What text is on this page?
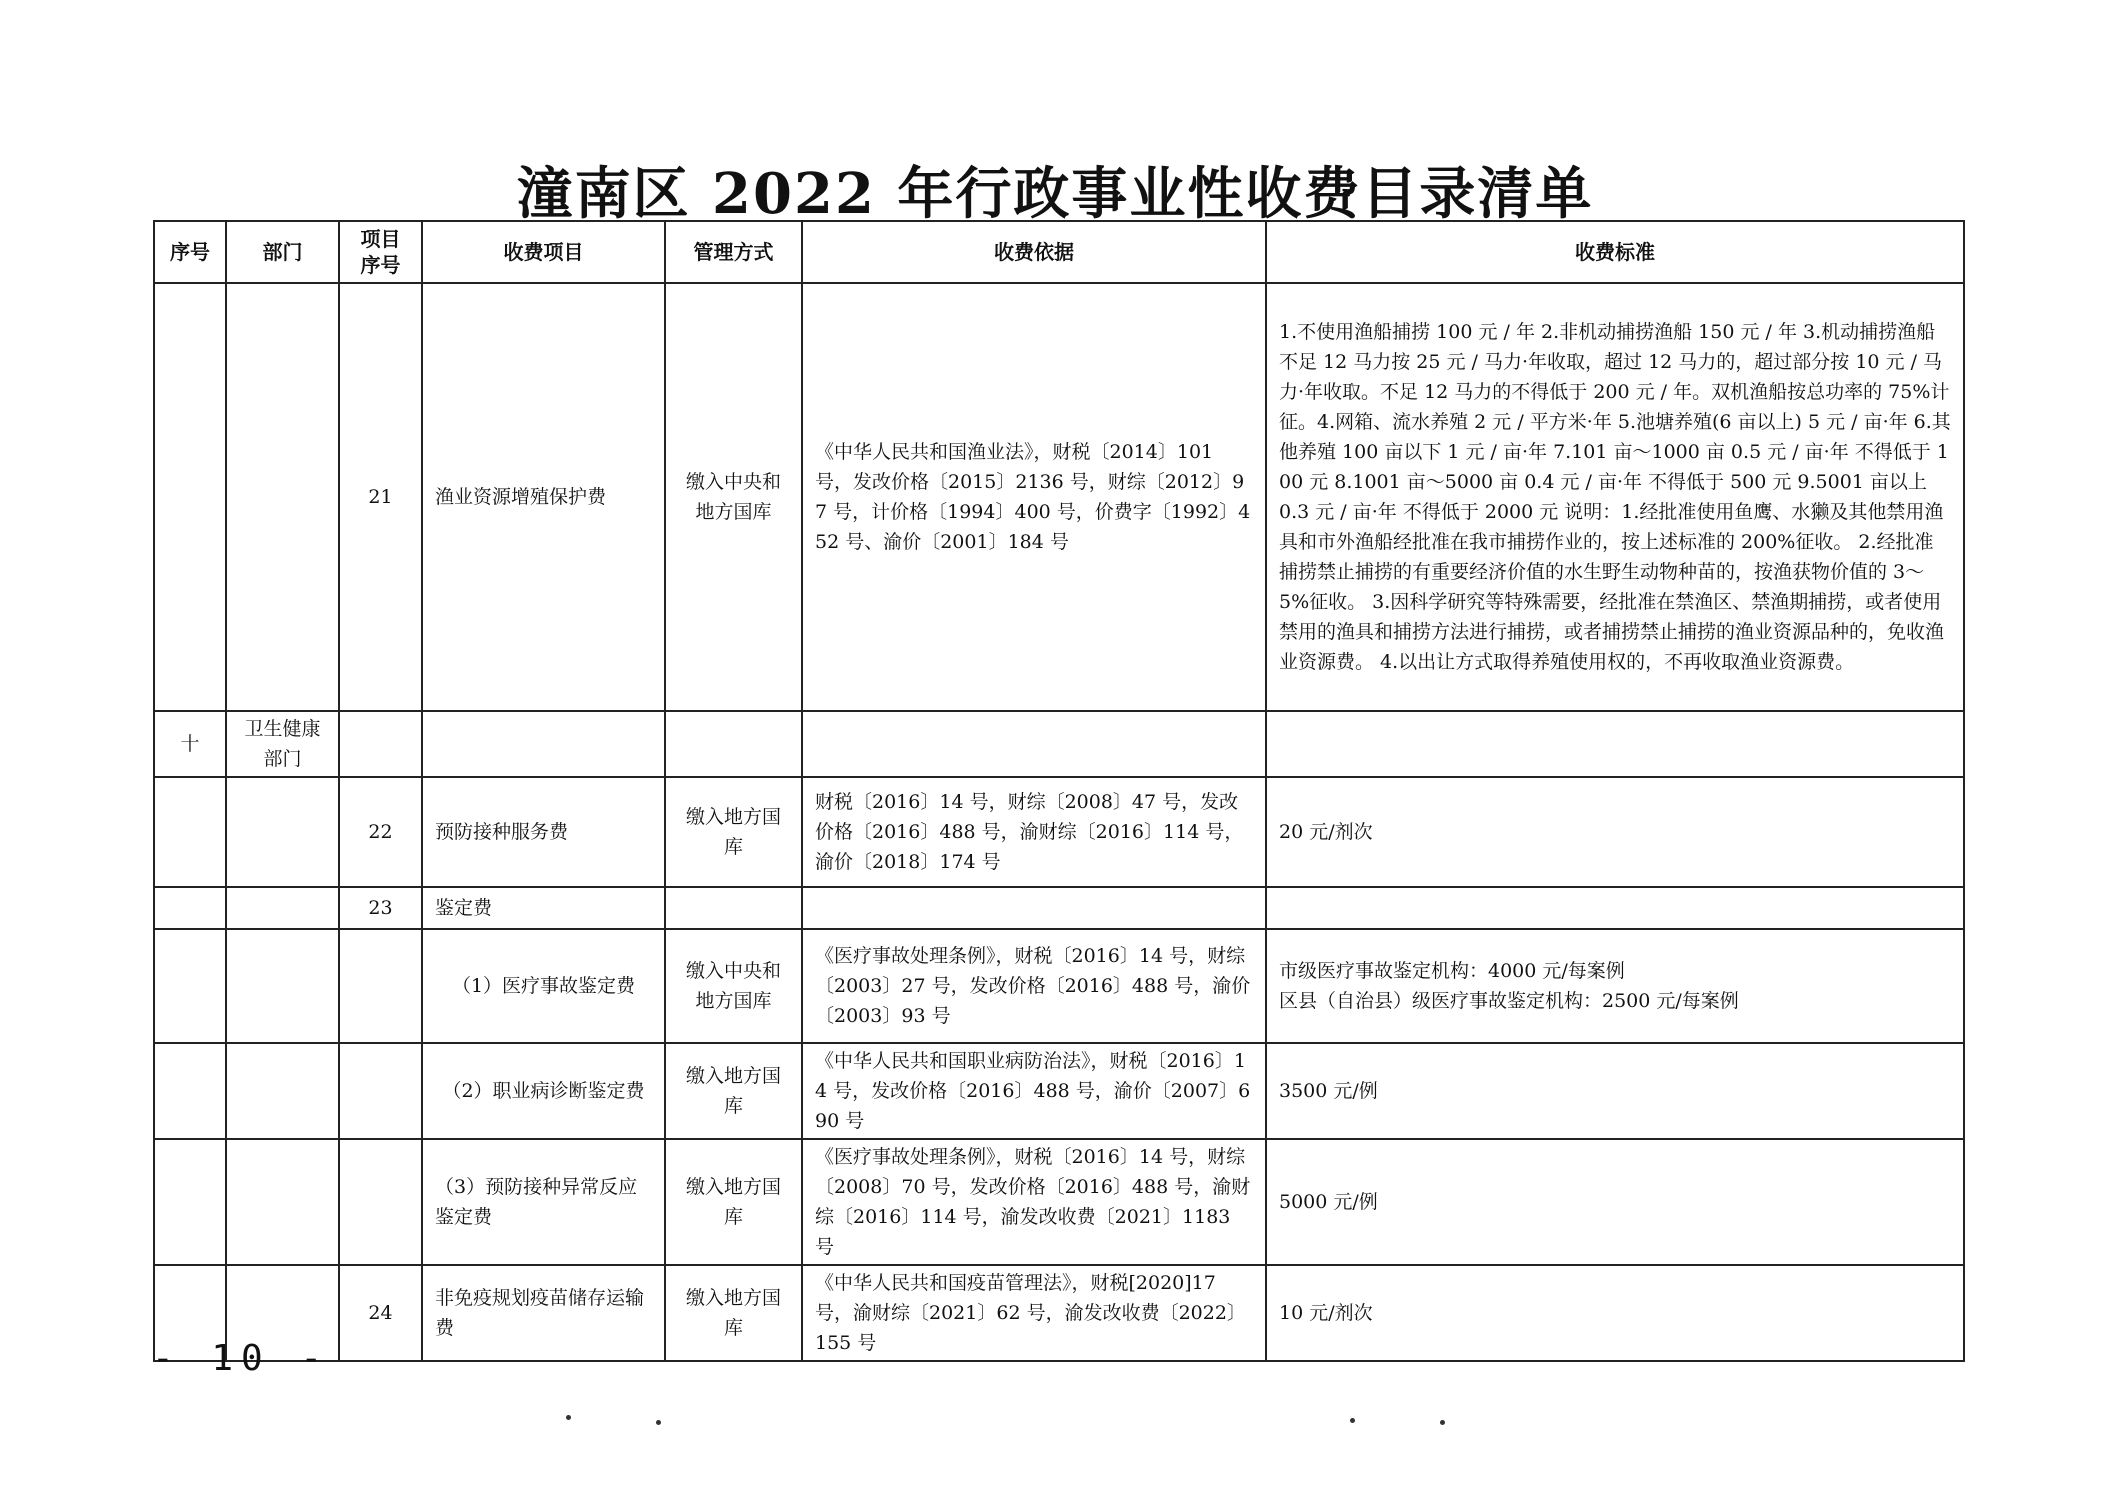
潼南区 2022 年行政事业性收费目录清单
序号	部门	项目序号	收费项目	管理方式	收费依据	收费标准
		21	渔业资源增殖保护费	缴入中央和地方国库	《中华人民共和国渔业法》，财税〔2014〕101 号，发改价格〔2015〕2136 号，财综〔2012〕97 号，计价格〔1994〕400 号，价费字〔1992〕452 号、渝价〔2001〕184 号	1.不使用渔船捕捞 100 元 / 年 2.非机动捕捞渔船 150 元 / 年 3.机动捕捞渔船 不足 12 马力按 25 元 / 马力·年收取，超过 12 马力的，超过部分按 10 元 / 马力·年收取。不足 12 马力的不得低于 200 元 / 年。双机渔船按总功率的 75%计征。4.网箱、流水养殖 2 元 / 平方米·年 5.池塘养殖(6 亩以上) 5 元 / 亩·年 6.其他养殖 100 亩以下 1 元 / 亩·年 7.101 亩～1000 亩 0.5 元 / 亩·年 不得低于 100 元 8.1001 亩～5000 亩 0.4 元 / 亩·年 不得低于 500 元 9.5001 亩以上 0.3 元 / 亩·年 不得低于 2000 元 说明：1.经批准使用鱼鹰、水獭及其他禁用渔具和市外渔船经批准在我市捕捞作业的，按上述标准的 200%征收。 2.经批准捕捞禁止捕捞的有重要经济价值的水生野生动物种苗的，按渔获物价值的 3～5%征收。 3.因科学研究等特殊需要，经批准在禁渔区、禁渔期捕捞，或者使用禁用的渔具和捕捞方法进行捕捞，或者捕捞禁止捕捞的渔业资源品种的，免收渔业资源费。 4.以出让方式取得养殖使用权的，不再收取渔业资源费。
十	卫生健康部门					
		22	预防接种服务费	缴入地方国库	财税〔2016〕14 号，财综〔2008〕47 号，发改价格〔2016〕488 号，渝财综〔2016〕114 号，渝价〔2018〕174 号	20 元/剂次
		23	鉴定费			
			（1）医疗事故鉴定费	缴入中央和地方国库	《医疗事故处理条例》，财税〔2016〕14 号，财综〔2003〕27 号，发改价格〔2016〕488 号，渝价〔2003〕93 号	市级医疗事故鉴定机构：4000 元/每案例
区县（自治县）级医疗事故鉴定机构：2500 元/每案例

			（2）职业病诊断鉴定费	缴入地方国库	《中华人民共和国职业病防治法》，财税〔2016〕14 号，发改价格〔2016〕488 号，渝价〔2007〕690 号	3500 元/例
			（3）预防接种异常反应鉴定费	缴入地方国库	《医疗事故处理条例》，财税〔2016〕14 号，财综〔2008〕70 号，发改价格〔2016〕488 号，渝财综〔2016〕114 号，渝发改收费〔2021〕1183 号	5000 元/例
		24	非免疫规划疫苗储存运输费	缴入地方国库	《中华人民共和国疫苗管理法》，财税[2020]17 号，渝财综〔2021〕62 号，渝发改收费〔2022〕155 号	10 元/剂次
- 10 -
